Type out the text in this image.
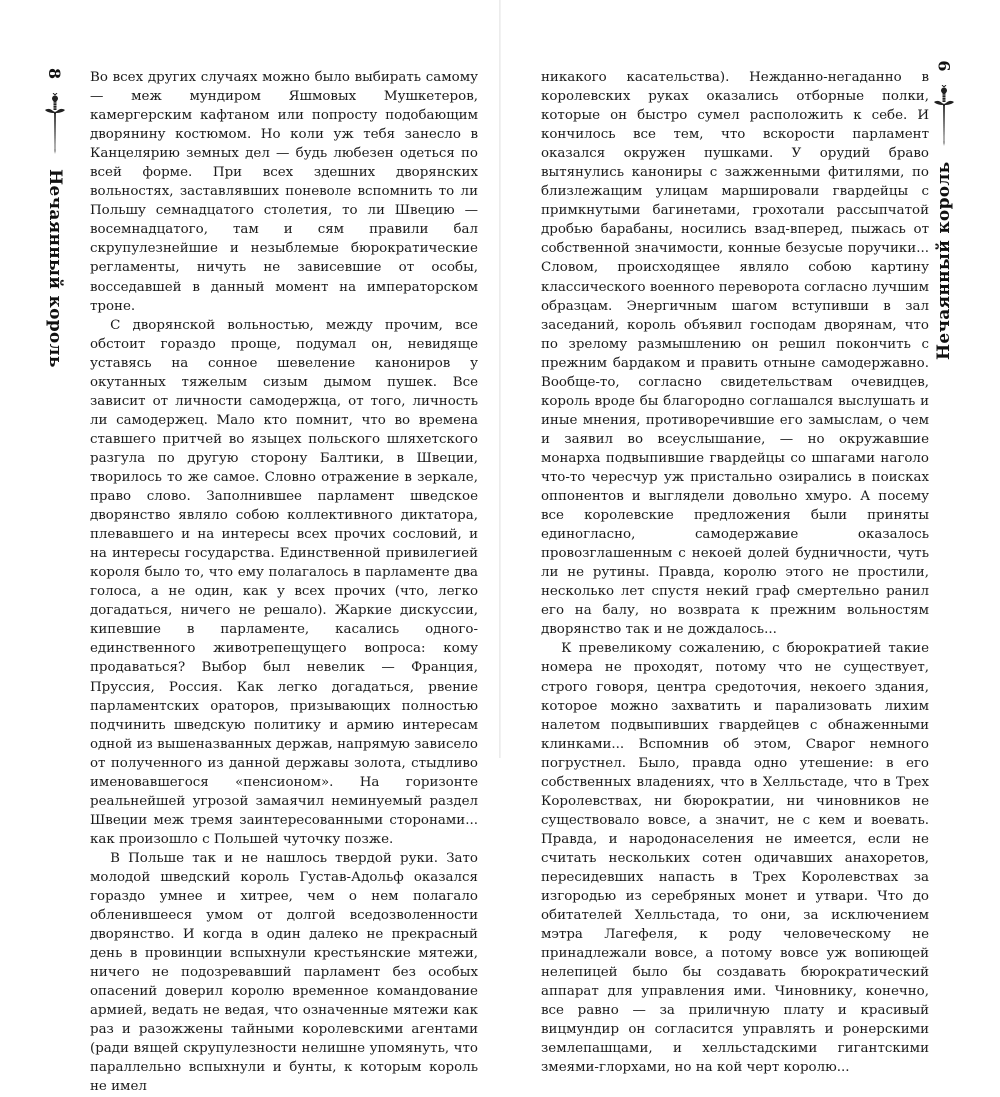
8
Нечаянный король

Во всех других случаях можно было выбирать самому — меж мундиром Яшмовых Мушкетеров, камергерским кафтаном или попросту подобающим дворянину костюмом. Но коли уж тебя занесло в Канцелярию земных дел — будь любезен одеться по всей форме. При всех здешних дворянских вольностях, заставлявших поневоле вспомнить то ли Польшу семнадцатого столетия, то ли Швецию — восемнадцатого, там и сям правили бал скрупулезнейшие и незыблемые бюрократические регламенты, ничуть не зависевшие от особы, восседавшей в данный момент на императорском троне.

С дворянской вольностью, между прочим, все обстоит гораздо проще, подумал он, невидяще уставясь на сонное шевеление канониров у окутанных тяжелым сизым дымом пушек. Все зависит от личности самодержца, от того, личность ли самодержец. Мало кто помнит, что во времена ставшего притчей во языцех польского шляхетского разгула по другую сторону Балтики, в Швеции, творилось то же самое. Словно отражение в зеркале, право слово. Заполнившее парламент шведское дворянство являло собою коллективного диктатора, плевавшего и на интересы всех прочих сословий, и на интересы государства. Единственной привилегией короля было то, что ему полагалось в парламенте два голоса, а не один, как у всех прочих (что, легко догадаться, ничего не решало). Жаркие дискуссии, кипевшие в парламенте, касались одного-единственного животрепещущего вопроса: кому продаваться? Выбор был невелик — Франция, Пруссия, Россия. Как легко догадаться, рвение парламентских ораторов, призывающих полностью подчинить шведскую политику и армию интересам одной из вышеназванных держав, напрямую зависело от полученного из данной державы золота, стыдливо именовавшегося «пенсионом». На горизонте реальнейшей угрозой замаячил неминуемый раздел Швеции меж тремя заинтересованными сторонами... как произошло с Польшей чуточку позже.

В Польше так и не нашлось твердой руки. Зато молодой шведский король Густав-Адольф оказался гораздо умнее и хитрее, чем о нем полагало обленившееся умом от долгой вседозволенности дворянство. И когда в один далеко не прекрасный день в провинции вспыхнули крестьянские мятежи, ничего не подозревавший парламент без особых опасений доверил королю временное командование армией, ведать не ведая, что означенные мятежи как раз и разожжены тайными королевскими агентами (ради вящей скрупулезности нелишне упомянуть, что параллельно вспыхнули и бунты, к которым король не имел

никакого касательства). Нежданно-негаданно в королевских руках оказались отборные полки, которые он быстро сумел расположить к себе. И кончилось все тем, что вскорости парламент оказался окружен пушками. У орудий браво вытянулись канониры с зажженными фитилями, по близлежащим улицам маршировали гвардейцы с примкнутыми багинетами, грохотали рассыпчатой дробью барабаны, носились взад-вперед, пыжась от собственной значимости, конные безусые поручики... Словом, происходящее являло собою картину классического военного переворота согласно лучшим образцам. Энергичным шагом вступивши в зал заседаний, король объявил господам дворянам, что по зрелому размышлению он решил покончить с прежним бардаком и править отныне самодержавно. Вообще-то, согласно свидетельствам очевидцев, король вроде бы благородно соглашался выслушать и иные мнения, противоречившие его замыслам, о чем и заявил во всеуслышание, — но окружавшие монарха подвыпившие гвардейцы со шпагами наголо что-то чересчур уж пристально озирались в поисках оппонентов и выглядели довольно хмуро. А посему все королевские предложения были приняты единогласно, самодержавие оказалось провозглашенным с некоей долей будничности, чуть ли не рутины. Правда, королю этого не простили, несколько лет спустя некий граф смертельно ранил его на балу, но возврата к прежним вольностям дворянство так и не дождалось...

К превеликому сожалению, с бюрократией такие номера не проходят, потому что не существует, строго говоря, центра средоточия, некоего здания, которое можно захватить и парализовать лихим налетом подвыпивших гвардейцев с обнаженными клинками... Вспомнив об этом, Сварог немного погрустнел. Было, правда одно утешение: в его собственных владениях, что в Хелльстаде, что в Трех Королевствах, ни бюрократии, ни чиновников не существовало вовсе, а значит, не с кем и воевать. Правда, и народонаселения не имеется, если не считать нескольких сотен одичавших анахоретов, пересидевших напасть в Трех Королевствах за изгородью из серебряных монет и утвари. Что до обитателей Хелльстада, то они, за исключением мэтра Лагефеля, к роду человеческому не принадлежали вовсе, а потому вовсе уж вопиющей нелепицей было бы создавать бюрократический аппарат для управления ими. Чиновнику, конечно, все равно — за приличную плату и красивый вицмундир он согласится управлять и ронерскими землепашцами, и хелльстадскими гигантскими змеями-глорхами, но на кой черт королю...

Нечаянный король
9
